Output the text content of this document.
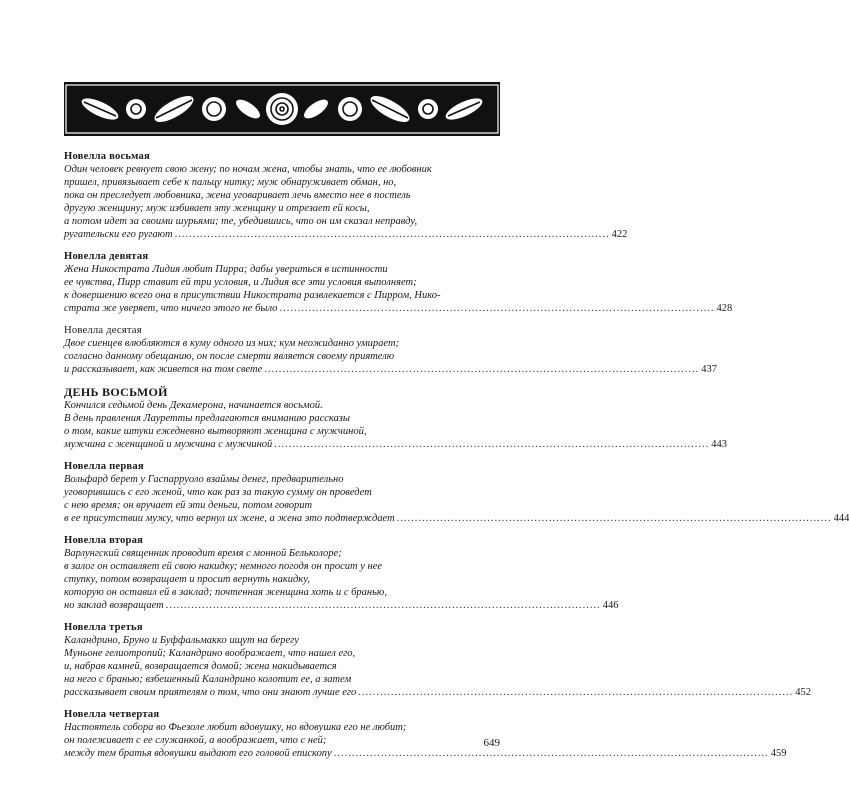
Новелла восьмая
Один человек ревнует свою жену; по ночам жена, чтобы знать, что ее любовник
пришел, привязывает себе к пальцу нитку; муж обнаруживает обман, но,
пока он преследует любовника, жена уговаривает лечь вместо нее в постель
другую женщину; муж избивает эту женщину и отрезает ей косы,
а потом идет за своими шурьями; те, убедившись, что он им сказал неправду,
ругательски его ругают ........................................................................................................................ 422
Новелла девятая
Жена Никострата Лидия любит Пирра; дабы увериться в истинности
ее чувства, Пирр ставит ей три условия, и Лидия все эти условия выполняет;
к довершению всего она в присутствии Никострата развлекается с Пирром, Нико-
страта же уверяет, что ничего этого не было ........................................................................................................................ 428
Новелла десятая
Двое сиенцев влюбляются в куму одного из них; кум неожиданно умирает;
согласно данному обещанию, он после смерти является своему приятелю
и рассказывает, как живется на том свете ........................................................................................................................ 437
ДЕНЬ ВОСЬМОЙ
Кончился седьмой день Декамерона, начинается восьмой.
В день правления Лауретты предлагаются вниманию рассказы
о том, какие штуки ежедневно вытворяют женщина с мужчиной,
мужчина с женщиной и мужчина с мужчиной ........................................................................................................................ 443
Новелла первая
Вольфард берет у Гаспарруоло взаймы денег, предварительно
уговорившись с его женой, что как раз за такую сумму он проведет
с нею время; он вручает ей эти деньги, потом говорит
в ее присутствии мужу, что вернул их жене, а жена это подтверждает ........................................................................................................................ 444
Новелла вторая
Варлунгский священник проводит время с монной Бельколоре;
в залог он оставляет ей свою накидку; немного погодя он просит у нее
ступку, потом возвращает и просит вернуть накидку,
которую он оставил ей в заклад; почтенная женщина хоть и с бранью,
но заклад возвращает ........................................................................................................................ 446
Новелла третья
Каландрино, Бруно и Буффальмакко ищут на берегу
Муньоне гелиотропий; Каландрино воображает, что нашел его,
и, набрав камней, возвращается домой; жена накидывается
на него с бранью; взбешенный Каландрино колотит ее, а затем
рассказывает своим приятелям о том, что они знают лучше его ........................................................................................................................ 452
Новелла четвертая
Настоятель собора во Фьезоле любит вдовушку, но вдовушка его не любит;
он полеживает с ее служанкой, а воображает, что с ней;
между тем братья вдовушки выдают его головой епископу ........................................................................................................................ 459
649
